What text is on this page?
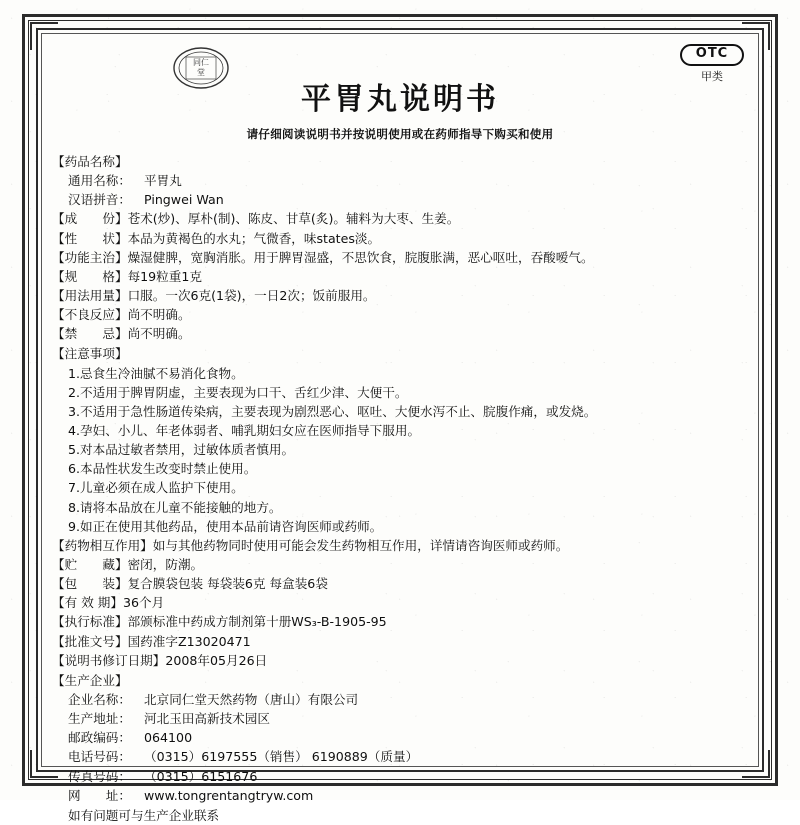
同仁
堂
OTC
甲类
平胃丸说明书
请仔细阅读说明书并按说明使用或在药师指导下购买和使用
【药品名称】
通用名称：	平胃丸
汉语拼音：	Pingwei Wan
【成　　份】 苍术(炒)、厚朴(制)、陈皮、甘草(炙)。辅料为大枣、生姜。
【性　　状】 本品为黄褐色的水丸；气微香，味states淡。
【功能主治】燥湿健脾，宽胸消胀。用于脾胃湿盛，不思饮食，脘腹胀满，恶心呕吐，吞酸嗳气。
【规　　格】 每19粒重1克
【用法用量】 口服。一次6克(1袋)，一日2次；饭前服用。
【不良反应】 尚不明确。
【禁　　忌】 尚不明确。
【注意事项】
1.忌食生冷油腻不易消化食物。
2.不适用于脾胃阴虚，主要表现为口干、舌红少津、大便干。
3.不适用于急性肠道传染病，主要表现为剧烈恶心、呕吐、大便水泻不止、脘腹作痛，或发烧。
4.孕妇、小儿、年老体弱者、哺乳期妇女应在医师指导下服用。
5.对本品过敏者禁用，过敏体质者慎用。
6.本品性状发生改变时禁止使用。
7.儿童必须在成人监护下使用。
8.请将本品放在儿童不能接触的地方。
9.如正在使用其他药品，使用本品前请咨询医师或药师。
【药物相互作用】如与其他药物同时使用可能会发生药物相互作用，详情请咨询医师或药师。
【贮　　藏】 密闭，防潮。
【包　　装】 复合膜袋包装 每袋装6克 每盒装6袋
【有 效 期】 36个月
【执行标准】 部颁标准中药成方制剂第十册WS₃-B-1905-95
【批准文号】 国药准字Z13020471
【说明书修订日期】 2008年05月26日
【生产企业】
企业名称：	北京同仁堂天然药物（唐山）有限公司
生产地址：	河北玉田高新技术园区
邮政编码：	064100
电话号码：	（0315）6197555（销售） 6190889（质量）
传真号码：	（0315）6151676
网　　址：	www.tongrentangtryw.com
如有问题可与生产企业联系
